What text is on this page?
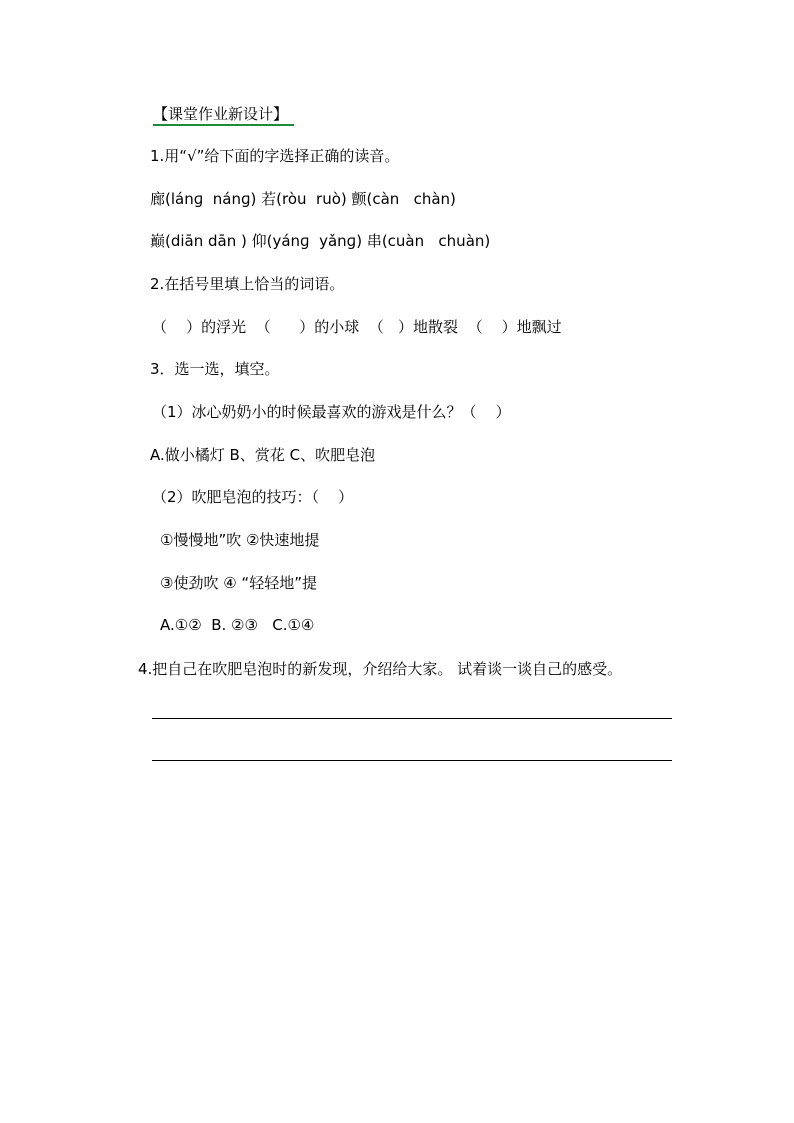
【课堂作业新设计】
1.用“√”给下面的字选择正确的读音。
廊(lánɡ  nánɡ) 若(ròu  ruò) 颤(càn   chàn)
巅(diān dān ) 仰(yánɡ  yǎnɡ) 串(cuàn   chuàn)
2.在括号里填上恰当的词语。
（    ）的浮光  （      ）的小球  （   ）地散裂  （    ）地飘过
3．选一选，填空。
（1）冰心奶奶小的时候最喜欢的游戏是什么？（    ）
A.做小橘灯 B、赏花 C、吹肥皂泡
（2）吹肥皂泡的技巧：（    ）
①慢慢地”吹 ②快速地提
③使劲吹 ④ “轻轻地”提
A.①②  B. ②③   C.①④
4.把自己在吹肥皂泡时的新发现，介绍给大家。 试着谈一谈自己的感受。
